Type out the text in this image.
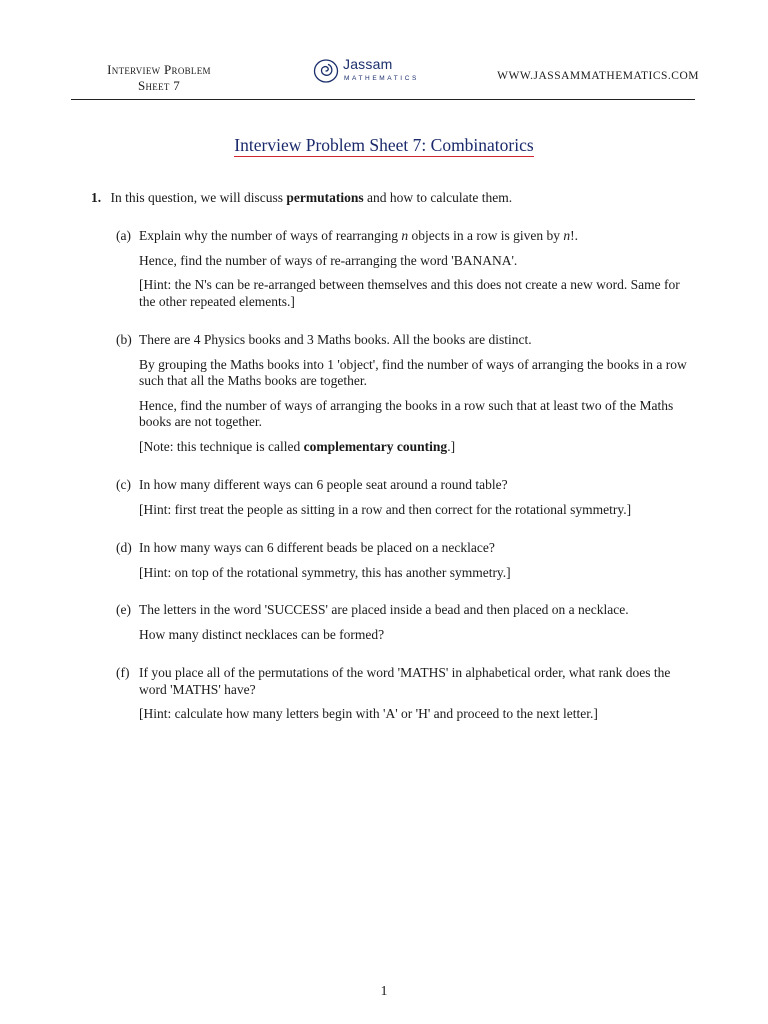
Interview Problem
Sheet 7
Jassam
MATHEMATICS	WWW.JASSAMMATHEMATICS.COM
Interview Problem Sheet 7: Combinatorics
1. In this question, we will discuss permutations and how to calculate them.
(a) Explain why the number of ways of rearranging n objects in a row is given by n!.

Hence, find the number of ways of re-arranging the word 'BANANA'.

[Hint: the N's can be re-arranged between themselves and this does not create a new word. Same for the other repeated elements.]

(b) There are 4 Physics books and 3 Maths books. All the books are distinct.

By grouping the Maths books into 1 'object', find the number of ways of arranging the books in a row such that all the Maths books are together.

Hence, find the number of ways of arranging the books in a row such that at least two of the Maths books are not together.

[Note: this technique is called complementary counting.]

(c) In how many different ways can 6 people seat around a round table?

[Hint: first treat the people as sitting in a row and then correct for the rotational symmetry.]

(d) In how many ways can 6 different beads be placed on a necklace?

[Hint: on top of the rotational symmetry, this has another symmetry.]

(e) The letters in the word 'SUCCESS' are placed inside a bead and then placed on a necklace.

How many distinct necklaces can be formed?

(f) If you place all of the permutations of the word 'MATHS' in alphabetical order, what rank does the word 'MATHS' have?

[Hint: calculate how many letters begin with 'A' or 'H' and proceed to the next letter.]

1
